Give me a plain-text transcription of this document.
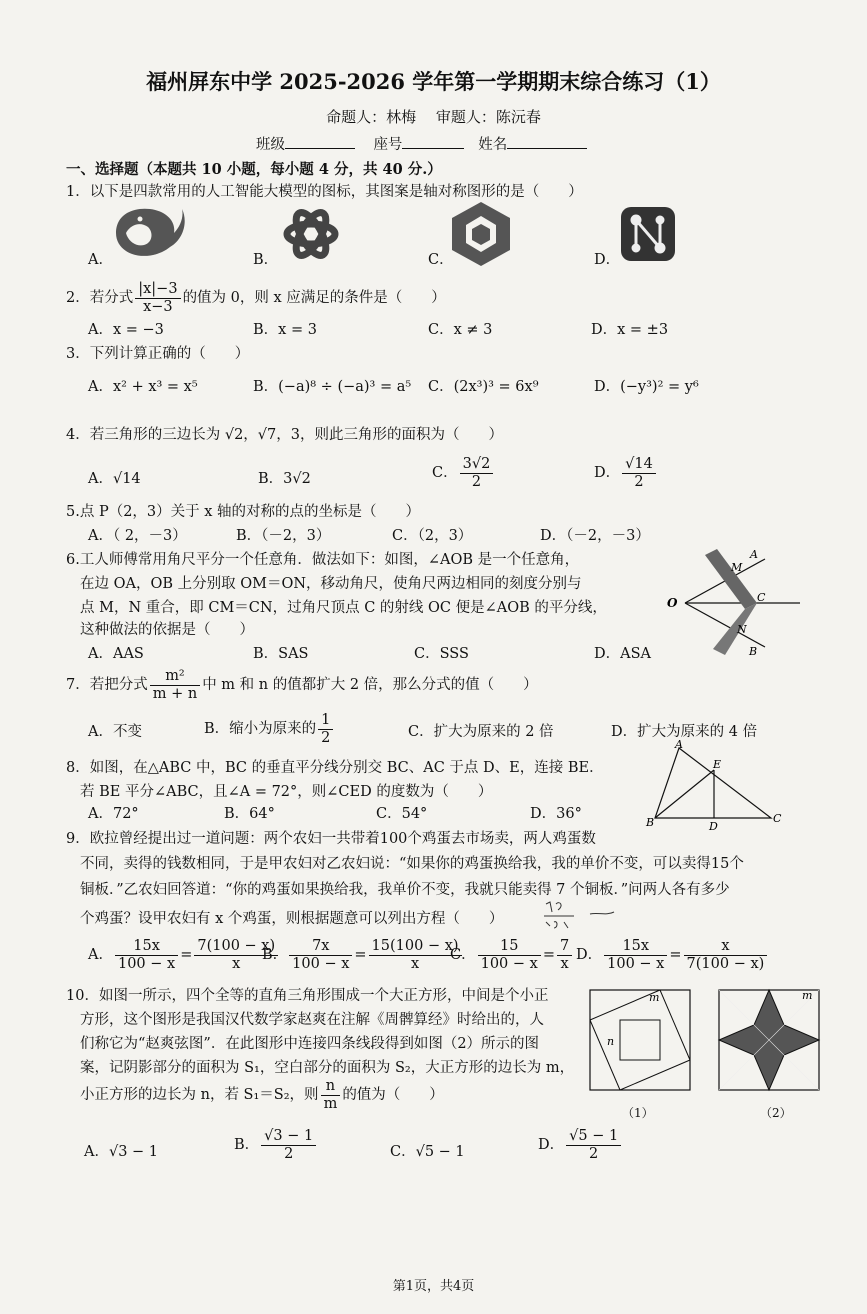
福州屏东中学 2025-2026 学年第一学期期末综合练习（1）
命题人：林梅　 审题人：陈沅春
班级	座号	姓名
一、选择题（本题共 10 小题，每小题 4 分，共 40 分.）
1．以下是四款常用的人工智能大模型的图标，其图案是轴对称图形的是（　　）
A．	B．	C．	D．
2．若分式 $\frac{|x|-3}{x-3}$ 的值为 0，则 x 应满足的条件是（　　）
A．x = −3	B．x = 3	C．x ≠ 3	D．x = ±3
3．下列计算正确的（　　）
A．x² + x³ = x⁵	B．(−a)⁸ ÷ (−a)³ = a⁵ C．(2x³)³ = 6x⁹	D．(−y³)² = y⁶
4．若三角形的三边长为 √2，√7，3，则此三角形的面积为（　　）
A．√14	B．3√2	C． $\frac{3√2}{2}$	D． $\frac{√14}{2}$
5.点 P（2，3）关于 x 轴的对称的点的坐标是（　　）
A．（ 2，－3）	B．（－2，3）	C．（2，3）	D．（－2，－3）
6.工人师傅常用角尺平分一个任意角．做法如下：如图，∠AOB 是一个任意角，
在边 OA，OB 上分别取 OM＝ON，移动角尺，使角尺两边相同的刻度分别与
点 M，N 重合，即 CM＝CN，过角尺顶点 C 的射线 OC 便是∠AOB 的平分线，
这种做法的依据是（　　）
A．AAS	B．SAS	C．SSS	D．ASA
O
A
M
C
N
B
7．若把分式 $\frac{\text{m²}}{m + n}$ 中 m 和 n 的值都扩大 2 倍，那么分式的值（　　）
A．不变	B．缩小为原来的 $\frac{1}{2}$	C．扩大为原来的 2 倍	D．扩大为原来的 4 倍
8．如图，在△ABC 中，BC 的垂直平分线分别交 BC、AC 于点 D、E，连接 BE．
若 BE 平分∠ABC，且∠A = 72°，则∠CED 的度数为（　　）
A．72°	B．64°	C．54°	D．36°
A
E
B	D
C
9．欧拉曾经提出过一道问题：两个农妇一共带着100个鸡蛋去市场卖，两人鸡蛋数
不同，卖得的钱数相同，于是甲农妇对乙农妇说：“如果你的鸡蛋换给我，我的单价不变，可以卖得15个
铜板．”乙农妇回答道：“你的鸡蛋如果换给我，我单价不变，我就只能卖得 7 个铜板．”问两人各有多少
个鸡蛋？设甲农妇有 x 个鸡蛋，则根据题意可以列出方程（　　）
A． $\frac{15x}{100 - x} = \frac{7(100 - x)}{x}$
B． $\frac{7x}{100 - x} = \frac{15(100 - x)}{x}$
C． $\frac{15}{100 - x} = \frac{7}{x}$ D． $\frac{15x}{100 - x} = \frac{x}{7(100 - x)}$
10．如图一所示，四个全等的直角三角形围成一个大正方形，中间是个小正
方形，这个图形是我国汉代数学家赵爽在注解《周髀算经》时给出的，人
们称它为“赵爽弦图”．在此图形中连接四条线段得到如图（2）所示的图
案，记阴影部分的面积为 S₁，空白部分的面积为 S₂，大正方形的边长为 m，
小正方形的边长为 n，若 S₁＝S₂，则 $\frac{n}{m}$ 的值为（　　）
m
n
（1）
m
（2）
A．√3 − 1	B． $\frac{√3 - 1}{2}$	C．√5 − 1	D． $\frac{√5 - 1}{2}$
第1页，共4页
